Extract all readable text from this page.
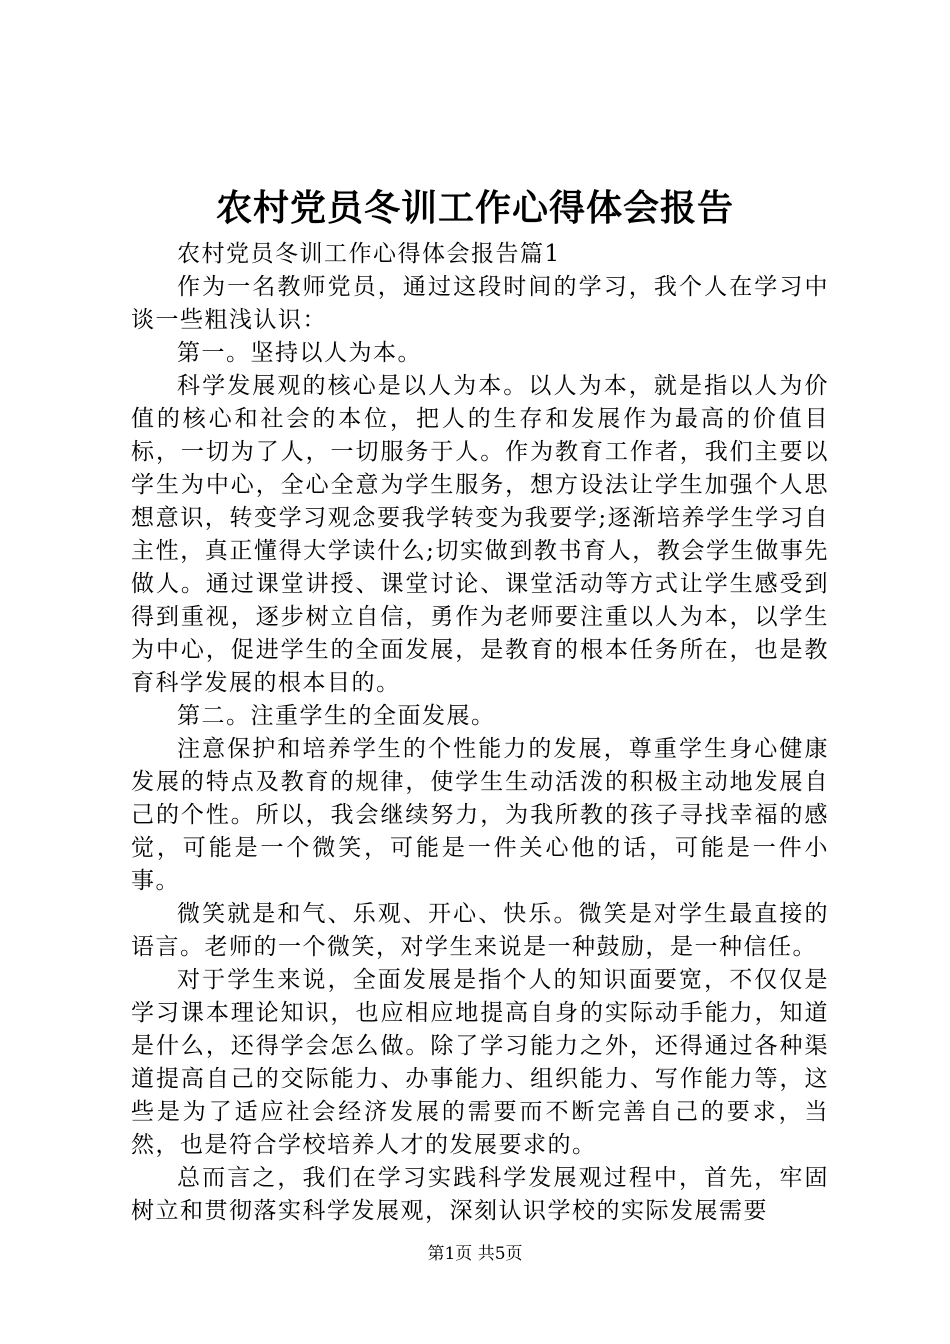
农村党员冬训工作心得体会报告

农村党员冬训工作心得体会报告篇1

作为一名教师党员，通过这段时间的学习，我个人在学习中谈一些粗浅认识：

第一。坚持以人为本。

科学发展观的核心是以人为本。以人为本，就是指以人为价值的核心和社会的本位，把人的生存和发展作为最高的价值目标，一切为了人，一切服务于人。作为教育工作者，我们主要以学生为中心，全心全意为学生服务，想方设法让学生加强个人思想意识，转变学习观念要我学转变为我要学;逐渐培养学生学习自主性，真正懂得大学读什么;切实做到教书育人，教会学生做事先做人。通过课堂讲授、课堂讨论、课堂活动等方式让学生感受到得到重视，逐步树立自信，勇作为老师要注重以人为本，以学生为中心，促进学生的全面发展，是教育的根本任务所在，也是教育科学发展的根本目的。

第二。注重学生的全面发展。

注意保护和培养学生的个性能力的发展，尊重学生身心健康发展的特点及教育的规律，使学生生动活泼的积极主动地发展自己的个性。所以，我会继续努力，为我所教的孩子寻找幸福的感觉，可能是一个微笑，可能是一件关心他的话，可能是一件小事。

微笑就是和气、乐观、开心、快乐。微笑是对学生最直接的语言。老师的一个微笑，对学生来说是一种鼓励，是一种信任。

对于学生来说，全面发展是指个人的知识面要宽，不仅仅是学习课本理论知识，也应相应地提高自身的实际动手能力，知道是什么，还得学会怎么做。除了学习能力之外，还得通过各种渠道提高自己的交际能力、办事能力、组织能力、写作能力等，这些是为了适应社会经济发展的需要而不断完善自己的要求，当然，也是符合学校培养人才的发展要求的。

总而言之，我们在学习实践科学发展观过程中，首先，牢固树立和贯彻落实科学发展观，深刻认识学校的实际发展需要

第1页 共5页
